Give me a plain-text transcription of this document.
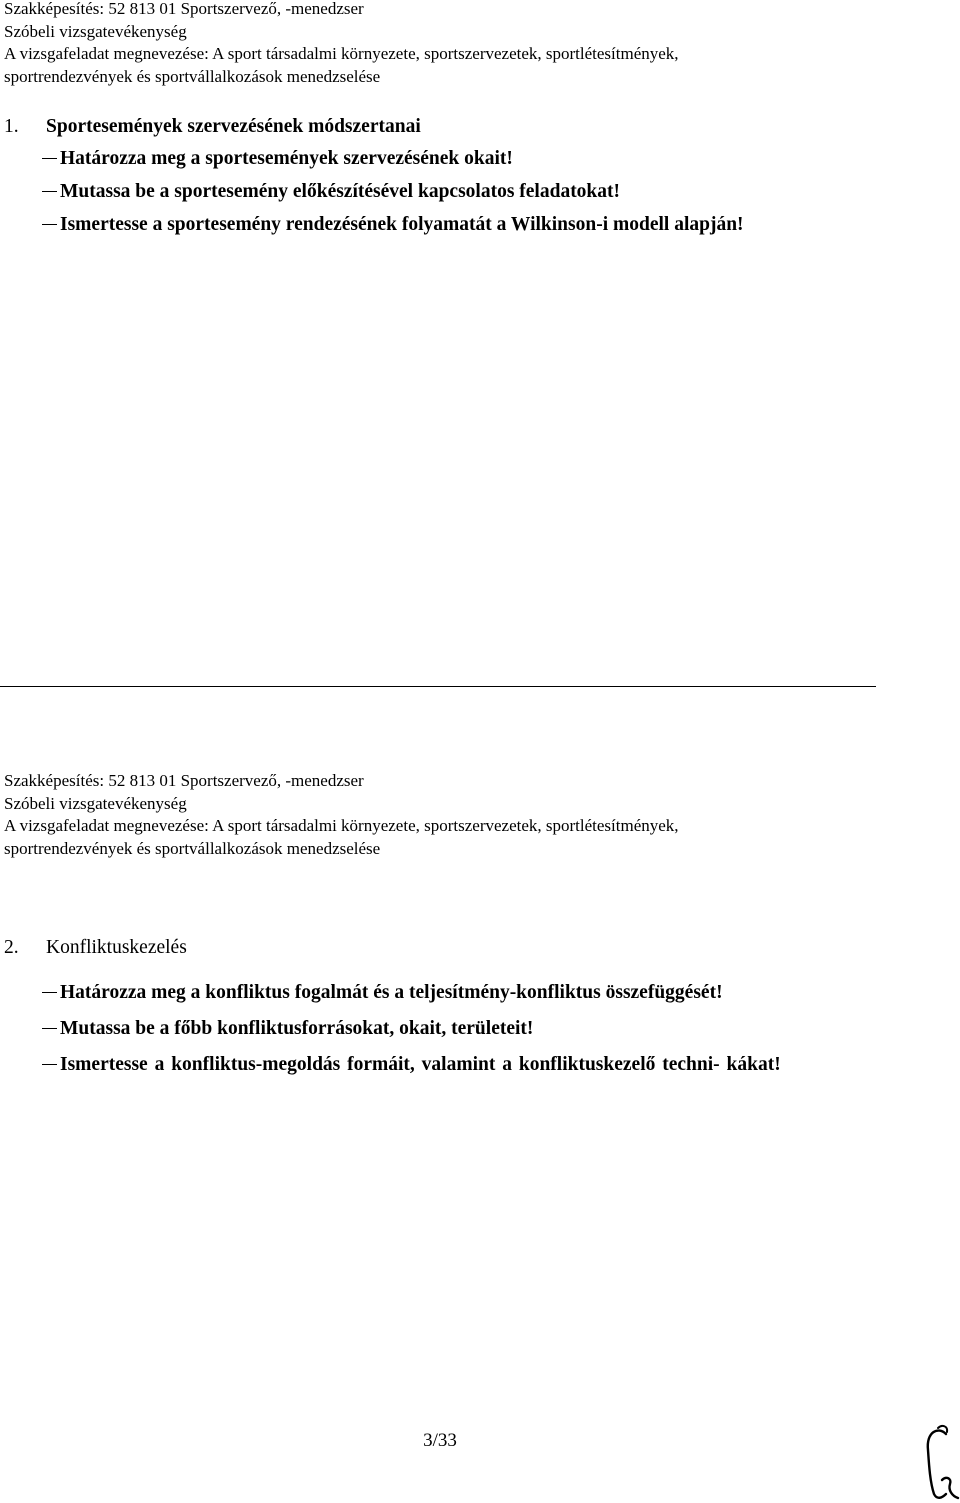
Szakképesítés: 52 813 01 Sportszervező, -menedzser
Szóbeli vizsgatevékenység
A vizsgafeladat megnevezése: A sport társadalmi környezete, sportszervezetek, sportlétesítmények,
sportrendezvények és sportvállalkozások menedzselése
1. Sportesemények szervezésének módszertanai
Határozza meg a sportesemények szervezésének okait!
Mutassa be a sportesemény előkészítésével kapcsolatos feladatokat!
Ismertesse a sportesemény rendezésének folyamatát a Wilkinson-i modell alapján!
Szakképesítés: 52 813 01 Sportszervező, -menedzser
Szóbeli vizsgatevékenység
A vizsgafeladat megnevezése: A sport társadalmi környezete, sportszervezetek, sportlétesítmények,
sportrendezvények és sportvállalkozások menedzselése
2. Konfliktuskezelés
Határozza meg a konfliktus fogalmát és a teljesítmény-konfliktus összefüggését!
Mutassa be a főbb konfliktusforrásokat, okait, területeit!
Ismertesse a konfliktus-megoldás formáit, valamint a konfliktuskezelő techni- kákat!
3/33
